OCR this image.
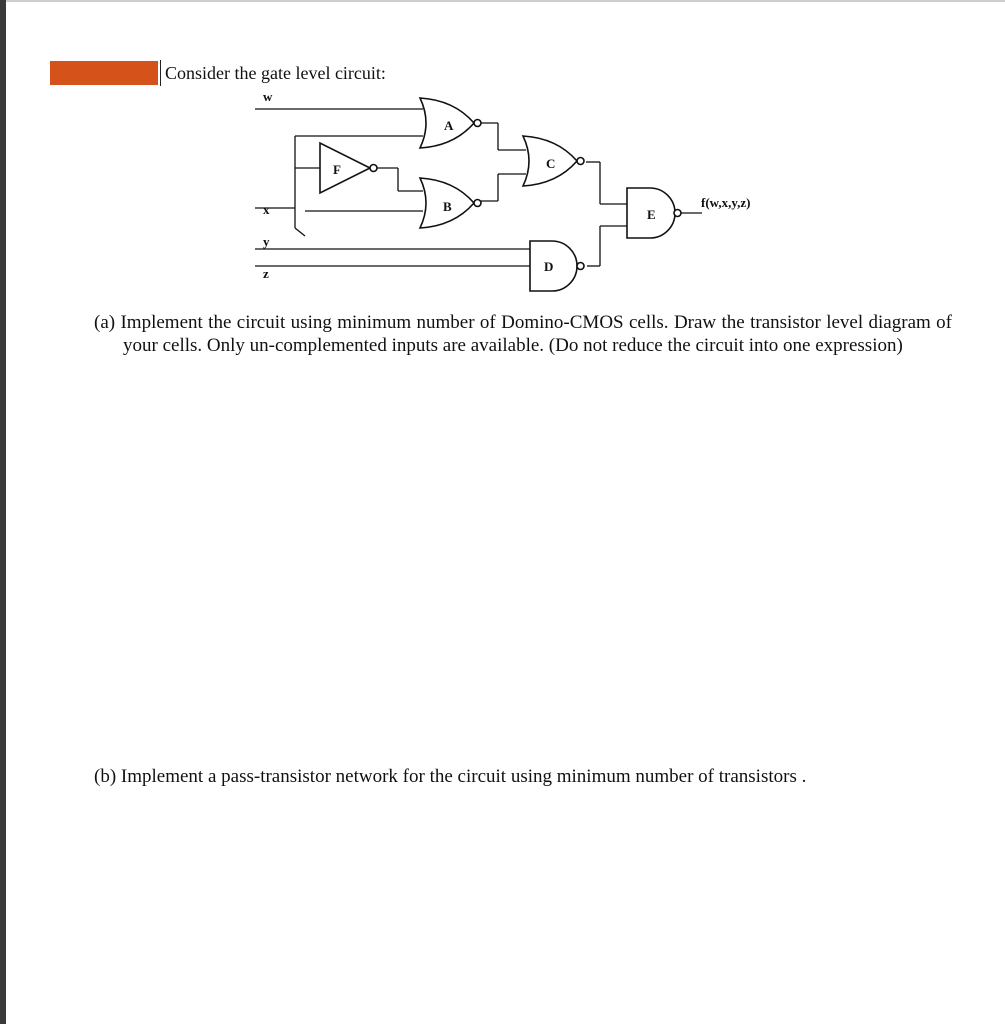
Consider the gate level circuit:
w
x
y
z
A
B
C
D
E
F
f(w,x,y,z)
(a) Implement the circuit using minimum number of Domino-CMOS cells. Draw the transistor level diagram of your cells. Only un-complemented inputs are available. (Do not reduce the circuit into one expression)
(b) Implement a pass-transistor network for the circuit using minimum number of transistors .
